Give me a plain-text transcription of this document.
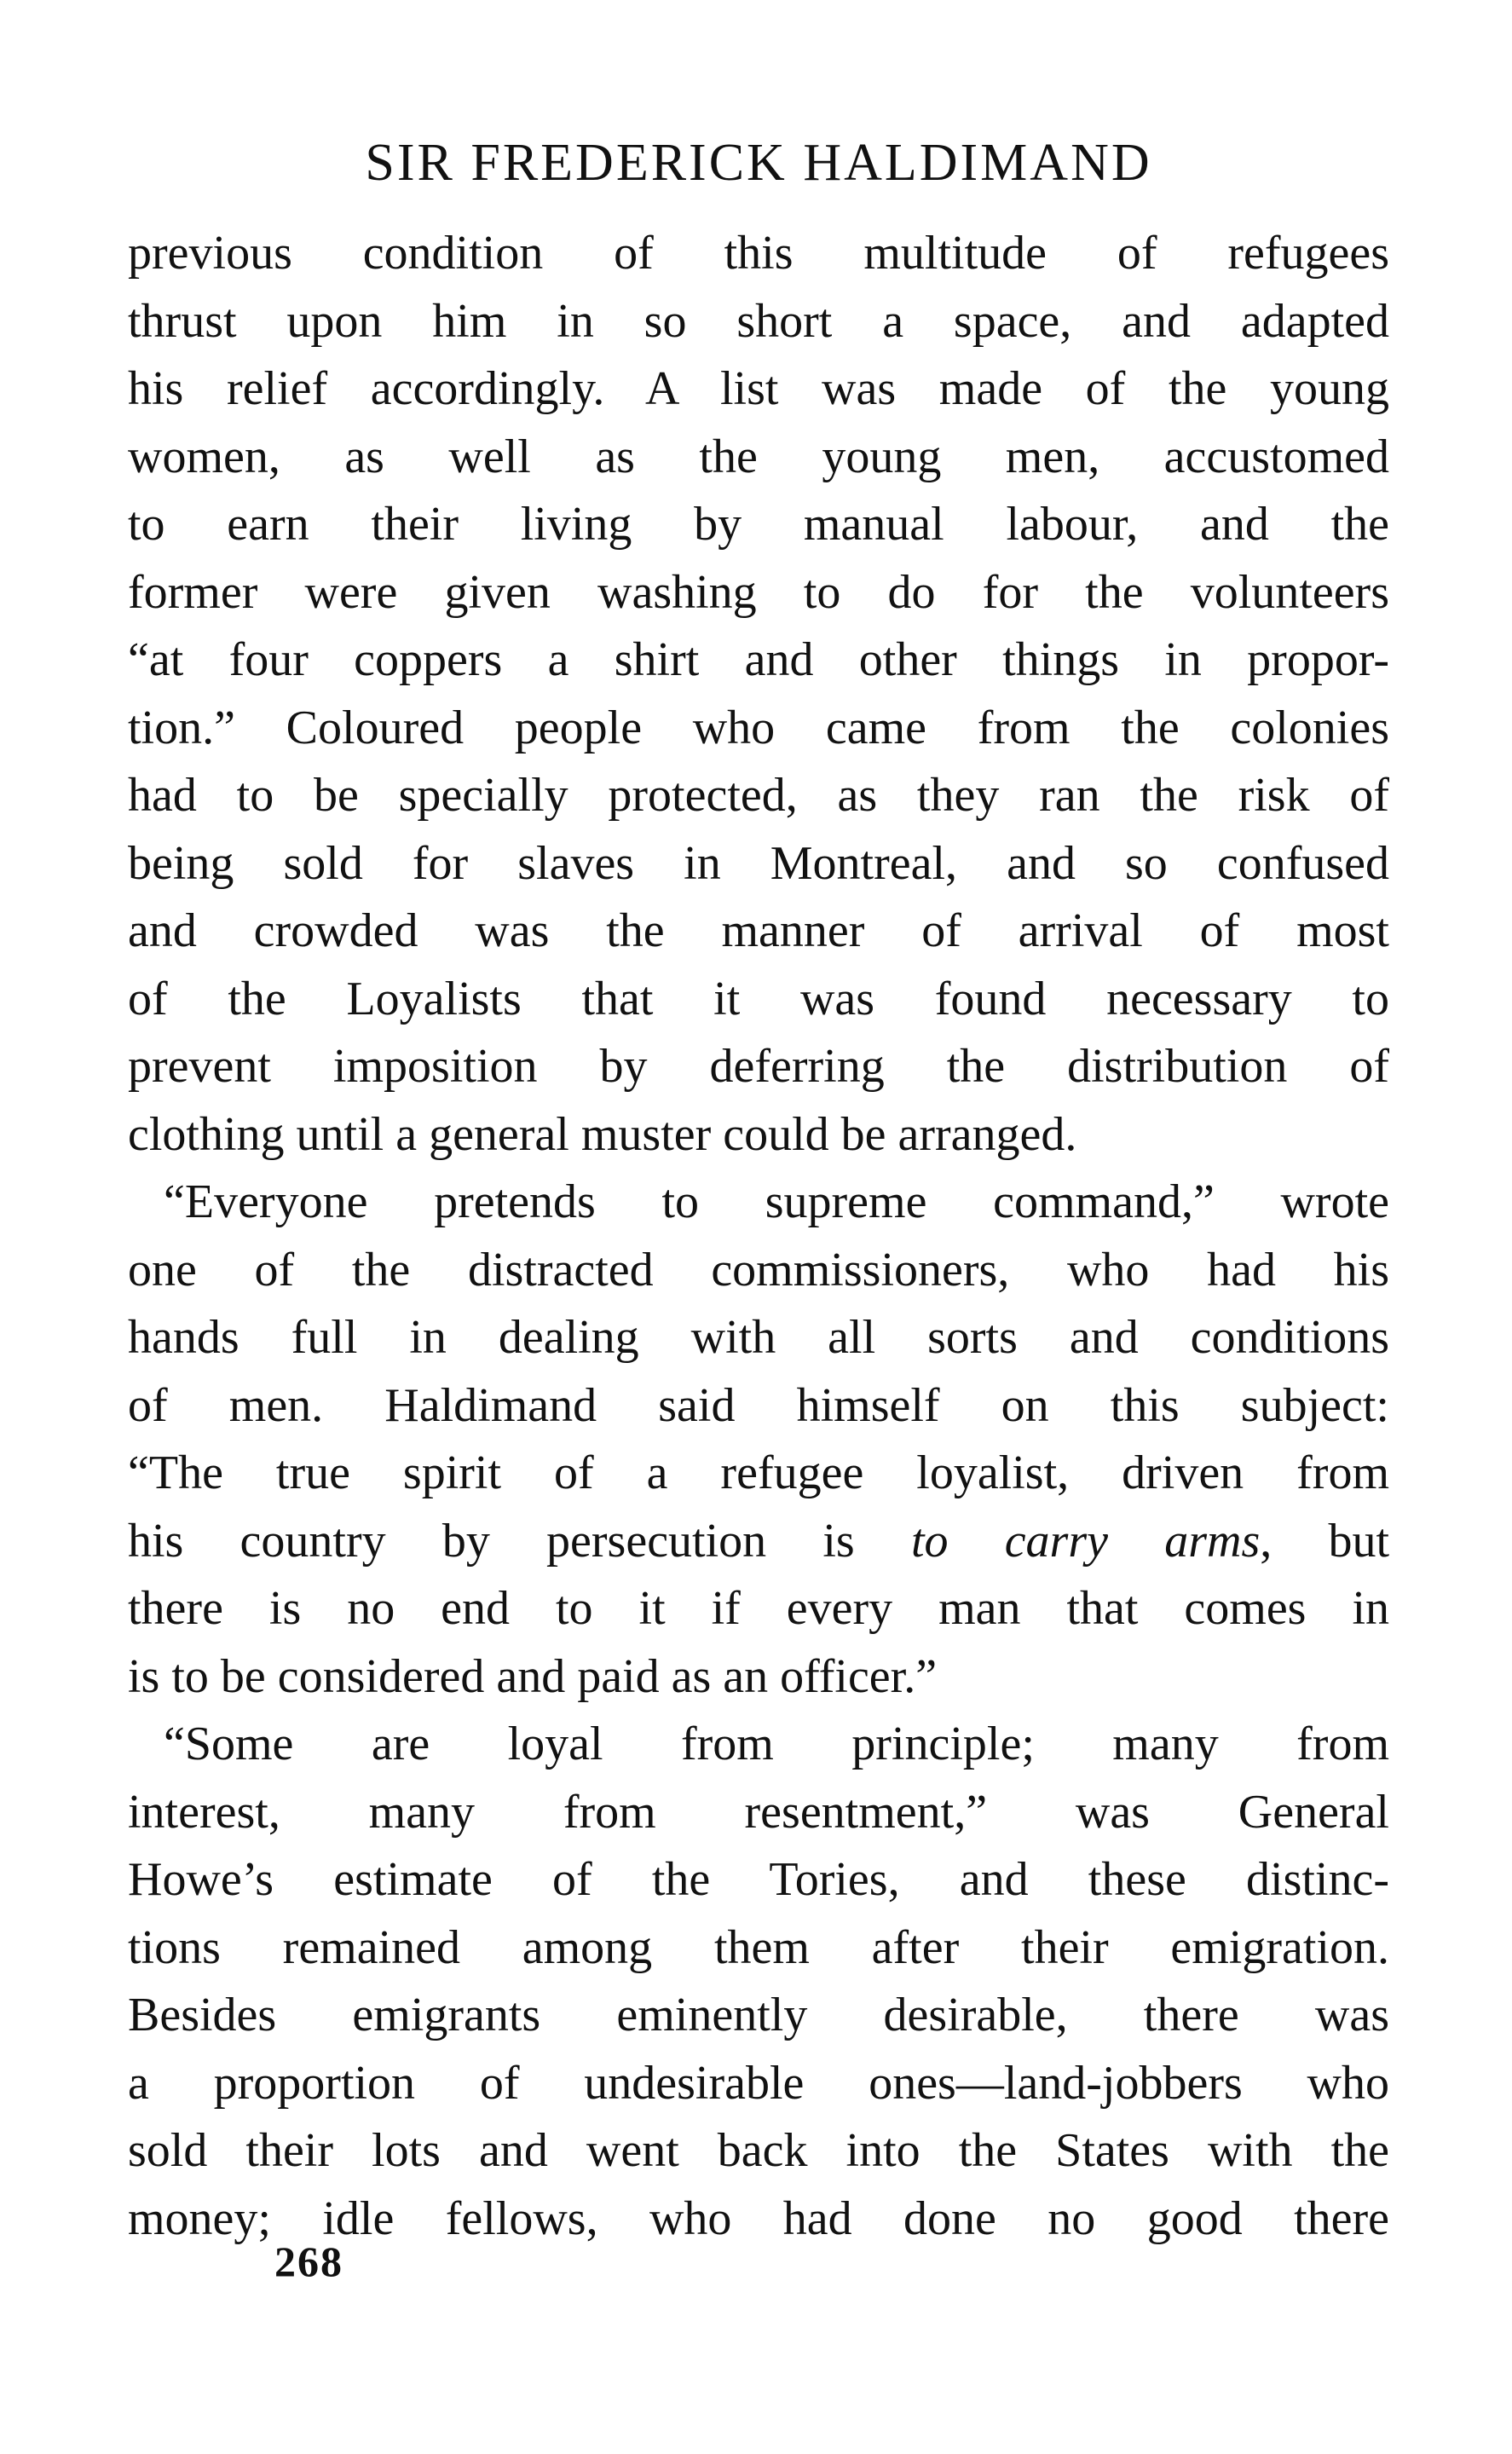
SIR FREDERICK HALDIMAND
previous condition of this multitude of refugees
thrust upon him in so short a space, and adapted
his relief accordingly. A list was made of the young
women, as well as the young men, accustomed
to earn their living by manual labour, and the
former were given washing to do for the volunteers
“at four coppers a shirt and other things in propor-
tion.” Coloured people who came from the colonies
had to be specially protected, as they ran the risk of
being sold for slaves in Montreal, and so confused
and crowded was the manner of arrival of most
of the Loyalists that it was found necessary to
prevent imposition by deferring the distribution of
clothing until a general muster could be arranged.
“Everyone pretends to supreme command,” wrote
one of the distracted commissioners, who had his
hands full in dealing with all sorts and conditions
of men. Haldimand said himself on this subject:
“The true spirit of a refugee loyalist, driven from
his country by persecution is to carry arms, but
there is no end to it if every man that comes in
is to be considered and paid as an officer.”
“Some are loyal from principle; many from
interest, many from resentment,” was General
Howe’s estimate of the Tories, and these distinc-
tions remained among them after their emigration.
Besides emigrants eminently desirable, there was
a proportion of undesirable ones—land-jobbers who
sold their lots and went back into the States with the
money; idle fellows, who had done no good there
268
